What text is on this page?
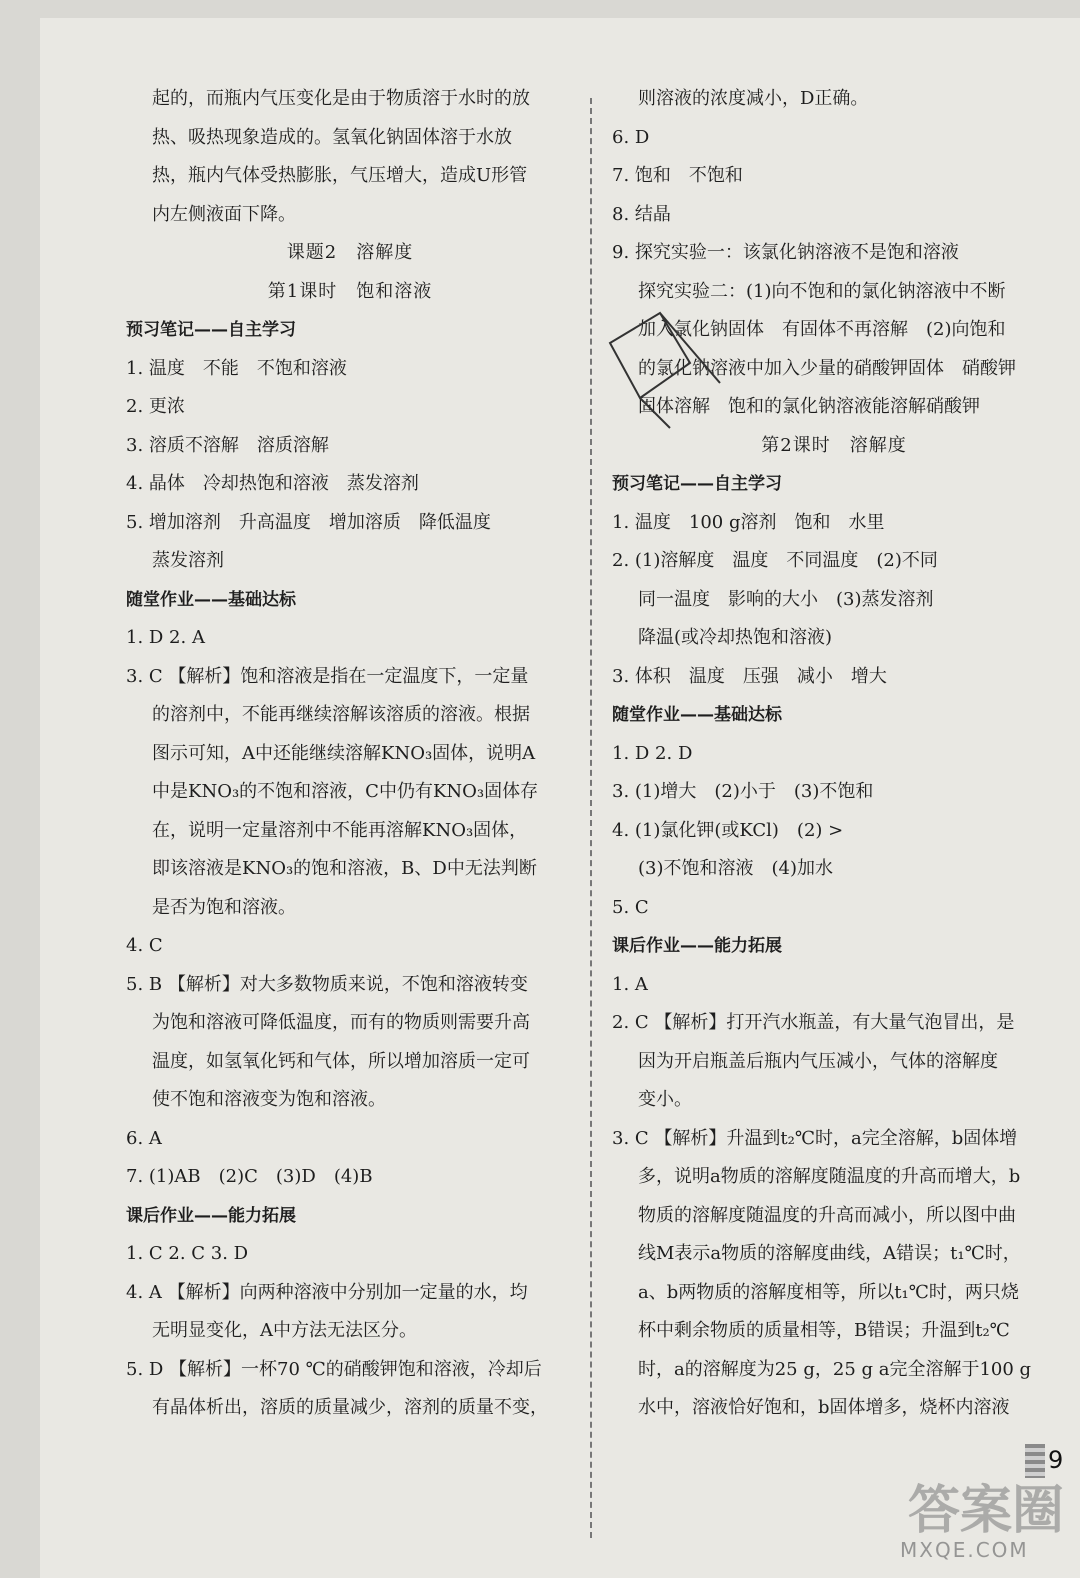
起的，而瓶内气压变化是由于物质溶于水时的放
热、吸热现象造成的。氢氧化钠固体溶于水放
热，瓶内气体受热膨胀，气压增大，造成U形管
内左侧液面下降。
课题2　溶解度
第1课时　饱和溶液
预习笔记——自主学习
1. 温度　不能　不饱和溶液
2. 更浓
3. 溶质不溶解　溶质溶解
4. 晶体　冷却热饱和溶液　蒸发溶剂
5. 增加溶剂　升高温度　增加溶质　降低温度
蒸发溶剂
随堂作业——基础达标
1. D 2. A
3. C 【解析】饱和溶液是指在一定温度下，一定量
的溶剂中，不能再继续溶解该溶质的溶液。根据
图示可知，A中还能继续溶解KNO₃固体，说明A
中是KNO₃的不饱和溶液，C中仍有KNO₃固体存
在，说明一定量溶剂中不能再溶解KNO₃固体，
即该溶液是KNO₃的饱和溶液，B、D中无法判断
是否为饱和溶液。
4. C
5. B 【解析】对大多数物质来说，不饱和溶液转变
为饱和溶液可降低温度，而有的物质则需要升高
温度，如氢氧化钙和气体，所以增加溶质一定可
使不饱和溶液变为饱和溶液。
6. A
7. (1)AB　(2)C　(3)D　(4)B
课后作业——能力拓展
1. C 2. C 3. D
4. A 【解析】向两种溶液中分别加一定量的水，均
无明显变化，A中方法无法区分。
5. D 【解析】一杯70 ℃的硝酸钾饱和溶液，冷却后
有晶体析出，溶质的质量减少，溶剂的质量不变，
则溶液的浓度减小，D正确。
6. D
7. 饱和　不饱和
8. 结晶
9. 探究实验一：该氯化钠溶液不是饱和溶液
探究实验二：(1)向不饱和的氯化钠溶液中不断
加入氯化钠固体　有固体不再溶解　(2)向饱和
的氯化钠溶液中加入少量的硝酸钾固体　硝酸钾
固体溶解　饱和的氯化钠溶液能溶解硝酸钾
第2课时　溶解度
预习笔记——自主学习
1. 温度　100 g溶剂　饱和　水里
2. (1)溶解度　温度　不同温度　(2)不同
同一温度　影响的大小　(3)蒸发溶剂
降温(或冷却热饱和溶液)
3. 体积　温度　压强　减小　增大
随堂作业——基础达标
1. D 2. D
3. (1)增大　(2)小于　(3)不饱和
4. (1)氯化钾(或KCl)　(2) >
(3)不饱和溶液　(4)加水
5. C
课后作业——能力拓展
1. A
2. C 【解析】打开汽水瓶盖，有大量气泡冒出，是
因为开启瓶盖后瓶内气压减小，气体的溶解度
变小。
3. C 【解析】升温到t₂℃时，a完全溶解，b固体增
多，说明a物质的溶解度随温度的升高而增大，b
物质的溶解度随温度的升高而减小，所以图中曲
线M表示a物质的溶解度曲线，A错误；t₁℃时，
a、b两物质的溶解度相等，所以t₁℃时，两只烧
杯中剩余物质的质量相等，B错误；升温到t₂℃
时，a的溶解度为25 g，25 g a完全溶解于100 g
水中，溶液恰好饱和，b固体增多，烧杯内溶液
9
答案圈
MXQE.COM
